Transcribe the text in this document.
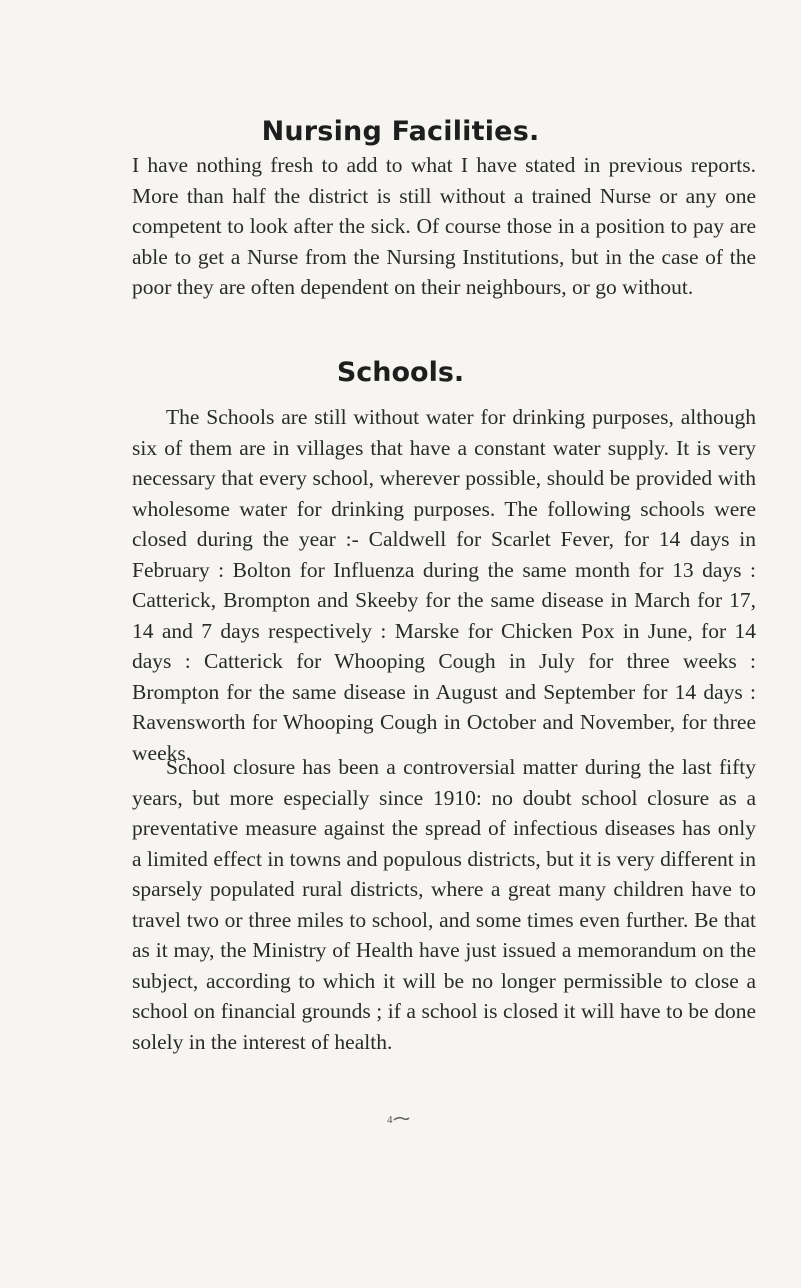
Nursing Facilities.

I have nothing fresh to add to what I have stated in previous reports. More than half the district is still without a trained Nurse or any one competent to look after the sick. Of course those in a position to pay are able to get a Nurse from the Nursing Institutions, but in the case of the poor they are often dependent on their neighbours, or go without.

Schools.

The Schools are still without water for drinking purposes, although six of them are in villages that have a constant water supply. It is very necessary that every school, wherever possible, should be provided with wholesome water for drinking purposes. The following schools were closed during the year :- Caldwell for Scarlet Fever, for 14 days in February : Bolton for Influenza during the same month for 13 days : Catterick, Brompton and Skeeby for the same disease in March for 17, 14 and 7 days respectively : Marske for Chicken Pox in June, for 14 days : Catterick for Whooping Cough in July for three weeks : Brompton for the same disease in August and September for 14 days : Ravensworth for Whooping Cough in October and November, for three weeks.

School closure has been a controversial matter during the last fifty years, but more especially since 1910: no doubt school closure as a preventative measure against the spread of infectious diseases has only a limited effect in towns and populous districts, but it is very different in sparsely populated rural districts, where a great many children have to travel two or three miles to school, and some times even further. Be that as it may, the Ministry of Health have just issued a memorandum on the subject, according to which it will be no longer permissible to close a school on financial grounds ; if a school is closed it will have to be done solely in the interest of health.

4
